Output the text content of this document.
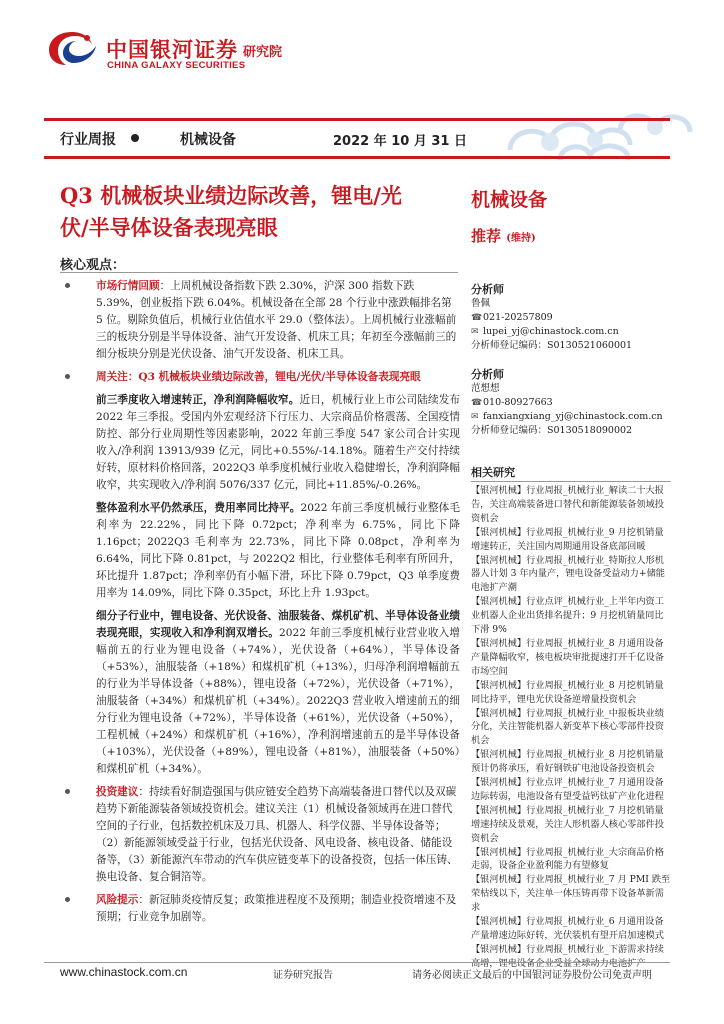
中国银河证券
CHINA GALAXY SECURITIES
研究院
行业周报	机械设备	2022 年 10 月 31 日
Q3 机械板块业绩边际改善，锂电/光
伏/半导体设备表现亮眼
机械设备
推荐 (维持)
核心观点：
市场行情回顾：上周机械设备指数下跌 2.30%，沪深 300 指数下跌 5.39%，创业板指下跌 6.04%。机械设备在全部 28 个行业中涨跌幅排名第 5 位。剔除负值后，机械行业估值水平 29.0（整体法）。上周机械行业涨幅前三的板块分别是半导体设备、油气开发设备、机床工具；年初至今涨幅前三的细分板块分别是光伏设备、油气开发设备、机床工具。
周关注：Q3 机械板块业绩边际改善，锂电/光伏/半导体设备表现亮眼
前三季度收入增速转正，净利润降幅收窄。近日，机械行业上市公司陆续发布 2022 年三季报。受国内外宏观经济下行压力、大宗商品价格震荡、全国疫情防控、部分行业周期性等因素影响，2022 年前三季度 547 家公司合计实现收入/净利润 13913/939 亿元，同比+0.55%/-14.18%。随着生产交付持续好转，原材料价格回落，2022Q3 单季度机械行业收入稳健增长，净利润降幅收窄，共实现收入/净利润 5076/337 亿元，同比+11.85%/-0.26%。
整体盈利水平仍然承压，费用率同比持平。2022 年前三季度机械行业整体毛利率为 22.22%，同比下降 0.72pct；净利率为 6.75%，同比下降 1.16pct；2022Q3 毛利率为 22.73%，同比下降 0.08pct，净利率为 6.64%，同比下降 0.81pct，与 2022Q2 相比，行业整体毛利率有所回升，环比提升 1.87pct；净利率仍有小幅下滑，环比下降 0.79pct，Q3 单季度费用率为 14.09%，同比下降 0.35pct，环比上升 1.93pct。
细分子行业中，锂电设备、光伏设备、油服装备、煤机矿机、半导体设备业绩表现亮眼，实现收入和净利润双增长。2022 年前三季度机械行业营业收入增幅前五的行业为锂电设备（+74%），光伏设备（+64%），半导体设备（+53%），油服装备（+18%）和煤机矿机（+13%），归母净利润增幅前五的行业为半导体设备（+88%），锂电设备（+72%），光伏设备（+71%），油服装备（+34%）和煤机矿机（+34%）。2022Q3 营业收入增速前五的细分行业为锂电设备（+72%），半导体设备（+61%），光伏设备（+50%），工程机械（+24%）和煤机矿机（+16%），净利润增速前五的是半导体设备（+103%），光伏设备（+89%），锂电设备（+81%），油服装备（+50%）和煤机矿机（+34%）。
投资建议：持续看好制造强国与供应链安全趋势下高端装备进口替代以及双碳趋势下新能源装备领域投资机会。建议关注（1）机械设备领域再在进口替代空间的子行业，包括数控机床及刀具、机器人、科学仪器、半导体设备等；（2）新能源领域受益于行业，包括光伏设备、风电设备、核电设备、储能设备等，（3）新能源汽车带动的汽车供应链变革下的设备投资，包括一体压铸、换电设备、复合铜箔等。
风险提示：新冠肺炎疫情反复；政策推进程度不及预期；制造业投资增速不及预期；行业竞争加剧等。
分析师
鲁佩
☎021-20257809
✉ lupei_yj@chinastock.com.cn
分析师登记编码：S0130521060001
分析师
范想想
☎010-80927663
✉ fanxiangxiang_yj@chinastock.com.cn
分析师登记编码：S0130518090002
相关研究
【银河机械】行业周报_机械行业_解读二十大报告，关注高端装备进口替代和新能源装备领域投资机会
【银河机械】行业周报_机械行业_9 月挖机销量增速转正，关注国内周期通用设备底部回暖
【银河机械】行业周报_机械行业_特斯拉人形机器人计划 3 年内量产，锂电设备受益动力+储能电池扩产潮
【银河机械】行业点评_机械行业_上半年内资工业机器人企业出货排名提升；9 月挖机销量同比下滑 9%
【银河机械】行业周报_机械行业_8 月通用设备产量降幅收窄，核电板块审批提速打开千亿设备市场空间
【银河机械】行业周报_机械行业_8 月挖机销量同比持平，锂电光伏设备逆增量投资机会
【银河机械】行业周报_机械行业_中报板块业绩分化，关注智能机器人新变革下核心零部件投资机会
【银河机械】行业周报_机械行业_8 月挖机销量预计仍将承压，看好钢铁矿电池设备投资机会
【银河机械】行业点评_机械行业_7 月通用设备边际转弱，电池设备有望受益钙钛矿产业化进程
【银河机械】行业周报_机械行业_7 月挖机销量增速持续及景观，关注人形机器人核心零部件投资机会
【银河机械】行业周报_机械行业_大宗商品价格走弱，设备企业盈利能力有望修复
【银河机械】行业周报_机械行业_7 月 PMI 跌至荣枯线以下，关注单一体压铸再带下设备革新需求
【银河机械】行业周报_机械行业_6 月通用设备产量增速边际好转，光伏装机有望开启加速模式
【银河机械】行业周报_机械行业_下游需求持续高增，锂电设备企业受益全球动力电池扩产
www.chinastock.com.cn	证券研究报告	请务必阅读正文最后的中国银河证券股份公司免责声明
